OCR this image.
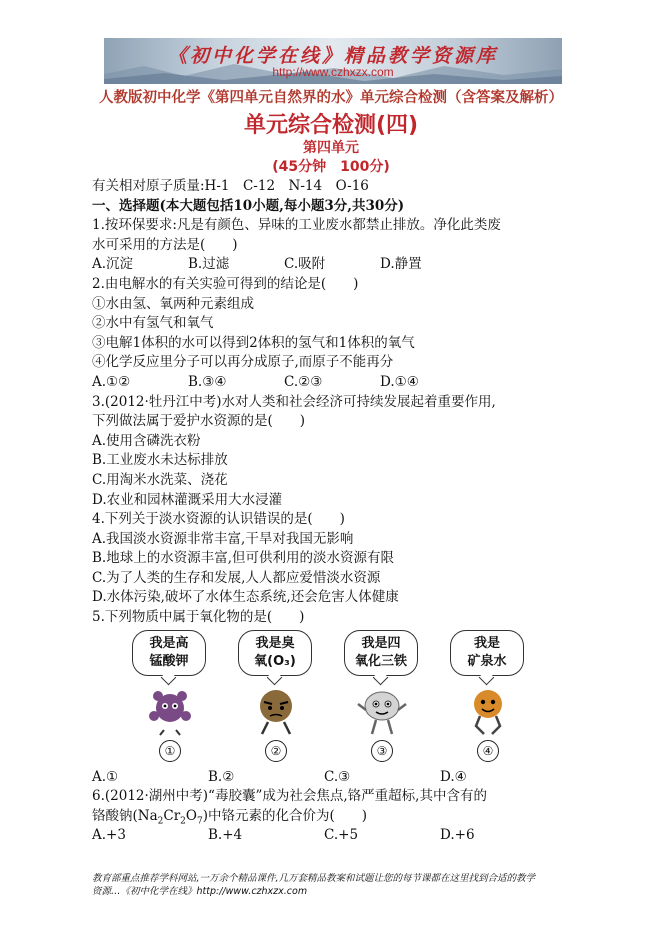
《初中化学在线》精品教学资源库
http://www.czhxzx.com
人教版初中化学《第四单元自然界的水》单元综合检测（含答案及解析）
单元综合检测(四)
第四单元
(45分钟　100分)
有关相对原子质量:H-1　C-12　N-14　O-16
一、选择题(本大题包括10小题,每小题3分,共30分)
1.按环保要求:凡是有颜色、异味的工业废水都禁止排放。净化此类废
水可采用的方法是(　　)
A.沉淀	B.过滤	C.吸附	D.静置
2.由电解水的有关实验可得到的结论是(　　)
①水由氢、氧两种元素组成
②水中有氢气和氧气
③电解1体积的水可以得到2体积的氢气和1体积的氧气
④化学反应里分子可以再分成原子,而原子不能再分
A.①②	B.③④	C.②③	D.①④
3.(2012·牡丹江中考)水对人类和社会经济可持续发展起着重要作用,
下列做法属于爱护水资源的是(　　)
A.使用含磷洗衣粉
B.工业废水未达标排放
C.用淘米水洗菜、浇花
D.农业和园林灌溉采用大水浸灌
4.下列关于淡水资源的认识错误的是(　　)
A.我国淡水资源非常丰富,干旱对我国无影响
B.地球上的水资源丰富,但可供利用的淡水资源有限
C.为了人类的生存和发展,人人都应爱惜淡水资源
D.水体污染,破坏了水体生态系统,还会危害人体健康
5.下列物质中属于氧化物的是(　　)
我是高
锰酸钾
①
我是臭
氧(O₃)
②
我是四
氧化三铁
③
我是
矿泉水
④
A.①	B.②	C.③	D.④
6.(2012·湖州中考)“毒胶囊”成为社会焦点,铬严重超标,其中含有的
铬酸钠$(Na_2Cr_2O_7)$中铬元素的化合价为(　　)
A.+3	B.+4	C.+5	D.+6
教育部重点推荐学科网站,一万余个精品课件,几万套精品教案和试题让您的每节课都在这里找到合适的教学
资源…《初中化学在线》http://www.czhxzx.com
